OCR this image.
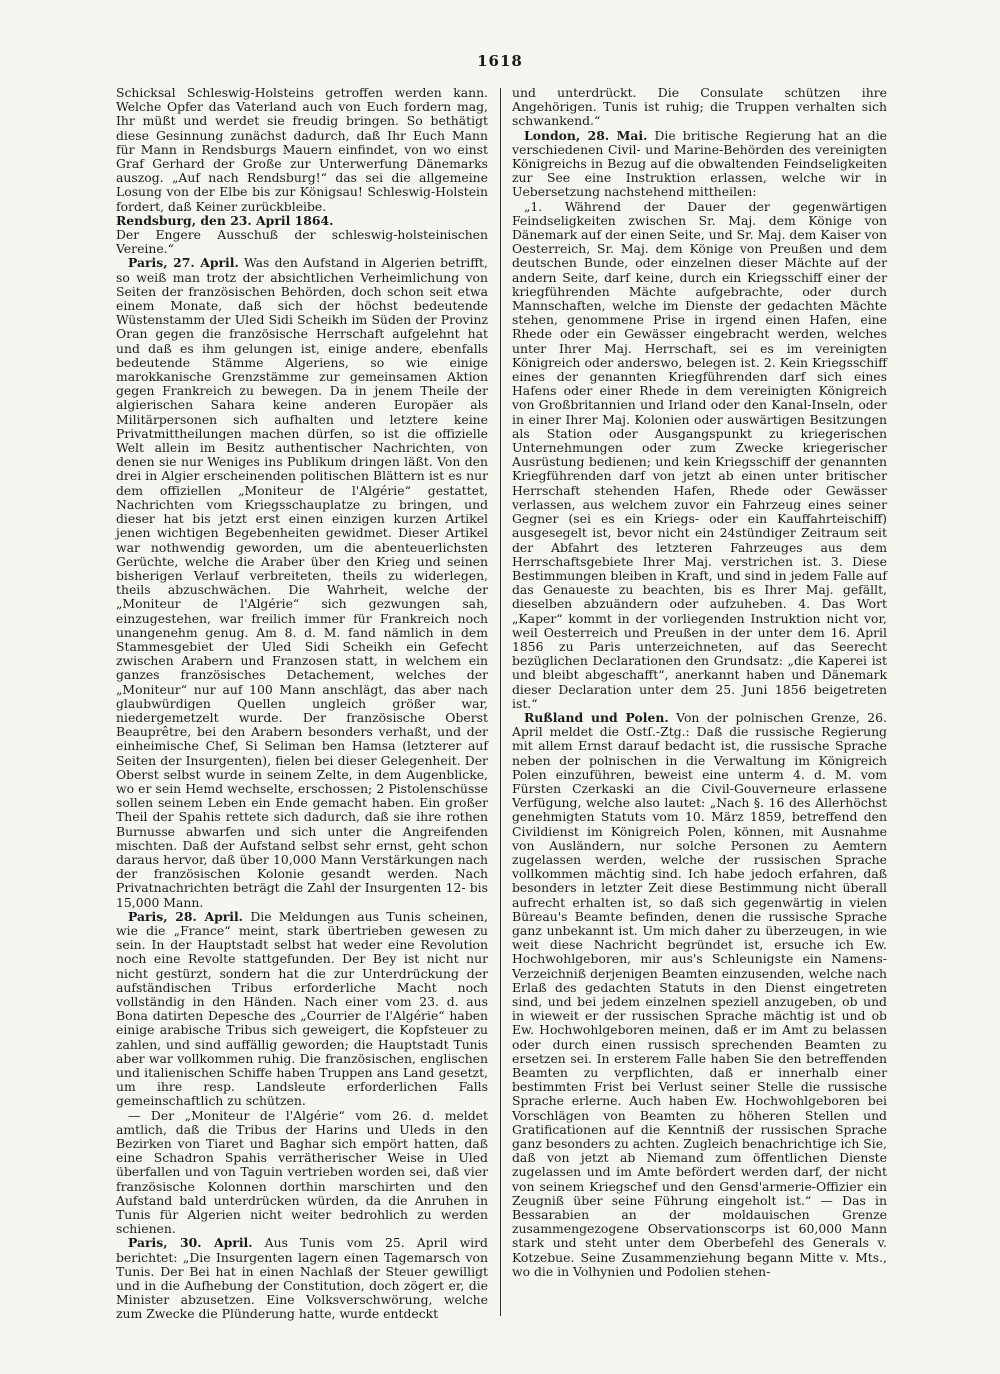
1618

Schicksal Schleswig-Holsteins getroffen werden kann. Welche Opfer das Vaterland auch von Euch fordern mag, Ihr müßt und werdet sie freudig bringen. So bethätigt diese Gesinnung zunächst dadurch, daß Ihr Euch Mann für Mann in Rendsburgs Mauern einfindet, von wo einst Graf Gerhard der Große zur Unterwerfung Dänemarks auszog. „Auf nach Rendsburg!“ das sei die allgemeine Losung von der Elbe bis zur Königsau! Schleswig-Holstein fordert, daß Keiner zurückbleibe.

Rendsburg, den 23. April 1864.

Der Engere Ausschuß der schleswig-holsteinischen Vereine.“

Paris, 27. April. Was den Aufstand in Algerien betrifft, so weiß man trotz der absichtlichen Verheimlichung von Seiten der französischen Behörden, doch schon seit etwa einem Monate, daß sich der höchst bedeutende Wüstenstamm der Uled Sidi Scheikh im Süden der Provinz Oran gegen die französische Herrschaft aufgelehnt hat und daß es ihm gelungen ist, einige andere, ebenfalls bedeutende Stämme Algeriens, so wie einige marokkanische Grenzstämme zur gemeinsamen Aktion gegen Frankreich zu bewegen. Da in jenem Theile der algierischen Sahara keine anderen Europäer als Militärpersonen sich aufhalten und letztere keine Privatmittheilungen machen dürfen, so ist die offizielle Welt allein im Besitz authentischer Nachrichten, von denen sie nur Weniges ins Publikum dringen läßt. Von den drei in Algier erscheinenden politischen Blättern ist es nur dem offiziellen „Moniteur de l'Algérie“ gestattet, Nachrichten vom Kriegsschauplatze zu bringen, und dieser hat bis jetzt erst einen einzigen kurzen Artikel jenen wichtigen Begebenheiten gewidmet. Dieser Artikel war nothwendig geworden, um die abenteuerlichsten Gerüchte, welche die Araber über den Krieg und seinen bisherigen Verlauf verbreiteten, theils zu widerlegen, theils abzuschwächen. Die Wahrheit, welche der „Moniteur de l'Algérie“ sich gezwungen sah, einzugestehen, war freilich immer für Frankreich noch unangenehm genug. Am 8. d. M. fand nämlich in dem Stammesgebiet der Uled Sidi Scheikh ein Gefecht zwischen Arabern und Franzosen statt, in welchem ein ganzes französisches Detachement, welches der „Moniteur“ nur auf 100 Mann anschlägt, das aber nach glaubwürdigen Quellen ungleich größer war, niedergemetzelt wurde. Der französische Oberst Beauprêtre, bei den Arabern besonders verhaßt, und der einheimische Chef, Si Seliman ben Hamsa (letzterer auf Seiten der Insurgenten), fielen bei dieser Gelegenheit. Der Oberst selbst wurde in seinem Zelte, in dem Augenblicke, wo er sein Hemd wechselte, erschossen; 2 Pistolenschüsse sollen seinem Leben ein Ende gemacht haben. Ein großer Theil der Spahis rettete sich dadurch, daß sie ihre rothen Burnusse abwarfen und sich unter die Angreifenden mischten. Daß der Aufstand selbst sehr ernst, geht schon daraus hervor, daß über 10,000 Mann Verstärkungen nach der französischen Kolonie gesandt werden. Nach Privatnachrichten beträgt die Zahl der Insurgenten 12- bis 15,000 Mann.

Paris, 28. April. Die Meldungen aus Tunis scheinen, wie die „France“ meint, stark übertrieben gewesen zu sein. In der Hauptstadt selbst hat weder eine Revolution noch eine Revolte stattgefunden. Der Bey ist nicht nur nicht gestürzt, sondern hat die zur Unterdrückung der aufständischen Tribus erforderliche Macht noch vollständig in den Händen. Nach einer vom 23. d. aus Bona datirten Depesche des „Courrier de l'Algérie“ haben einige arabische Tribus sich geweigert, die Kopfsteuer zu zahlen, und sind auffällig geworden; die Hauptstadt Tunis aber war vollkommen ruhig. Die französischen, englischen und italienischen Schiffe haben Truppen ans Land gesetzt, um ihre resp. Landsleute erforderlichen Falls gemeinschaftlich zu schützen.

— Der „Moniteur de l'Algérie“ vom 26. d. meldet amtlich, daß die Tribus der Harins und Uleds in den Bezirken von Tiaret und Baghar sich empört hatten, daß eine Schadron Spahis verrätherischer Weise in Uled überfallen und von Taguin vertrieben worden sei, daß vier französische Kolonnen dorthin marschirten und den Aufstand bald unterdrücken würden, da die Anruhen in Tunis für Algerien nicht weiter bedrohlich zu werden schienen.

Paris, 30. April. Aus Tunis vom 25. April wird berichtet: „Die Insurgenten lagern einen Tagemarsch von Tunis. Der Bei hat in einen Nachlaß der Steuer gewilligt und in die Aufhebung der Constitution, doch zögert er, die Minister abzusetzen. Eine Volksverschwörung, welche zum Zwecke die Plünderung hatte, wurde entdeckt

und unterdrückt. Die Consulate schützen ihre Angehörigen. Tunis ist ruhig; die Truppen verhalten sich schwankend.“

London, 28. Mai. Die britische Regierung hat an die verschiedenen Civil- und Marine-Behörden des vereinigten Königreichs in Bezug auf die obwaltenden Feindseligkeiten zur See eine Instruktion erlassen, welche wir in Uebersetzung nachstehend mittheilen:

„1. Während der Dauer der gegenwärtigen Feindseligkeiten zwischen Sr. Maj. dem Könige von Dänemark auf der einen Seite, und Sr. Maj. dem Kaiser von Oesterreich, Sr. Maj. dem Könige von Preußen und dem deutschen Bunde, oder einzelnen dieser Mächte auf der andern Seite, darf keine, durch ein Kriegsschiff einer der kriegführenden Mächte aufgebrachte, oder durch Mannschaften, welche im Dienste der gedachten Mächte stehen, genommene Prise in irgend einen Hafen, eine Rhede oder ein Gewässer eingebracht werden, welches unter Ihrer Maj. Herrschaft, sei es im vereinigten Königreich oder anderswo, belegen ist. 2. Kein Kriegsschiff eines der genannten Kriegführenden darf sich eines Hafens oder einer Rhede in dem vereinigten Königreich von Großbritannien und Irland oder den Kanal-Inseln, oder in einer Ihrer Maj. Kolonien oder auswärtigen Besitzungen als Station oder Ausgangspunkt zu kriegerischen Unternehmungen oder zum Zwecke kriegerischer Ausrüstung bedienen; und kein Kriegsschiff der genannten Kriegführenden darf von jetzt ab einen unter britischer Herrschaft stehenden Hafen, Rhede oder Gewässer verlassen, aus welchem zuvor ein Fahrzeug eines seiner Gegner (sei es ein Kriegs- oder ein Kauffahrteischiff) ausgesegelt ist, bevor nicht ein 24stündiger Zeitraum seit der Abfahrt des letzteren Fahrzeuges aus dem Herrschaftsgebiete Ihrer Maj. verstrichen ist. 3. Diese Bestimmungen bleiben in Kraft, und sind in jedem Falle auf das Genaueste zu beachten, bis es Ihrer Maj. gefällt, dieselben abzuändern oder aufzuheben. 4. Das Wort „Kaper“ kommt in der vorliegenden Instruktion nicht vor, weil Oesterreich und Preußen in der unter dem 16. April 1856 zu Paris unterzeichneten, auf das Seerecht bezüglichen Declarationen den Grundsatz: „die Kaperei ist und bleibt abgeschafft“, anerkannt haben und Dänemark dieser Declaration unter dem 25. Juni 1856 beigetreten ist.“

Rußland und Polen. Von der polnischen Grenze, 26. April meldet die Ostſ.-Ztg.: Daß die russische Regierung mit allem Ernst darauf bedacht ist, die russische Sprache neben der polnischen in die Verwaltung im Königreich Polen einzuführen, beweist eine unterm 4. d. M. vom Fürsten Czerkaski an die Civil-Gouverneure erlassene Verfügung, welche also lautet: „Nach §. 16 des Allerhöchst genehmigten Statuts vom 10. März 1859, betreffend den Civildienst im Königreich Polen, können, mit Ausnahme von Ausländern, nur solche Personen zu Aemtern zugelassen werden, welche der russischen Sprache vollkommen mächtig sind. Ich habe jedoch erfahren, daß besonders in letzter Zeit diese Bestimmung nicht überall aufrecht erhalten ist, so daß sich gegenwärtig in vielen Büreau's Beamte befinden, denen die russische Sprache ganz unbekannt ist. Um mich daher zu überzeugen, in wie weit diese Nachricht begründet ist, ersuche ich Ew. Hochwohlgeboren, mir aus's Schleunigste ein Namens-Verzeichniß derjenigen Beamten einzusenden, welche nach Erlaß des gedachten Statuts in den Dienst eingetreten sind, und bei jedem einzelnen speziell anzugeben, ob und in wieweit er der russischen Sprache mächtig ist und ob Ew. Hochwohlgeboren meinen, daß er im Amt zu belassen oder durch einen russisch sprechenden Beamten zu ersetzen sei. In ersterem Falle haben Sie den betreffenden Beamten zu verpflichten, daß er innerhalb einer bestimmten Frist bei Verlust seiner Stelle die russische Sprache erlerne. Auch haben Ew. Hochwohlgeboren bei Vorschlägen von Beamten zu höheren Stellen und Gratificationen auf die Kenntniß der russischen Sprache ganz besonders zu achten. Zugleich benachrichtige ich Sie, daß von jetzt ab Niemand zum öffentlichen Dienste zugelassen und im Amte befördert werden darf, der nicht von seinem Kriegschef und den Gensd'armerie-Offizier ein Zeugniß über seine Führung eingeholt ist.“ — Das in Bessarabien an der moldauischen Grenze zusammengezogene Observationscorps ist 60,000 Mann stark und steht unter dem Oberbefehl des Generals v. Kotzebue. Seine Zusammenziehung begann Mitte v. Mts., wo die in Volhynien und Podolien stehen-
